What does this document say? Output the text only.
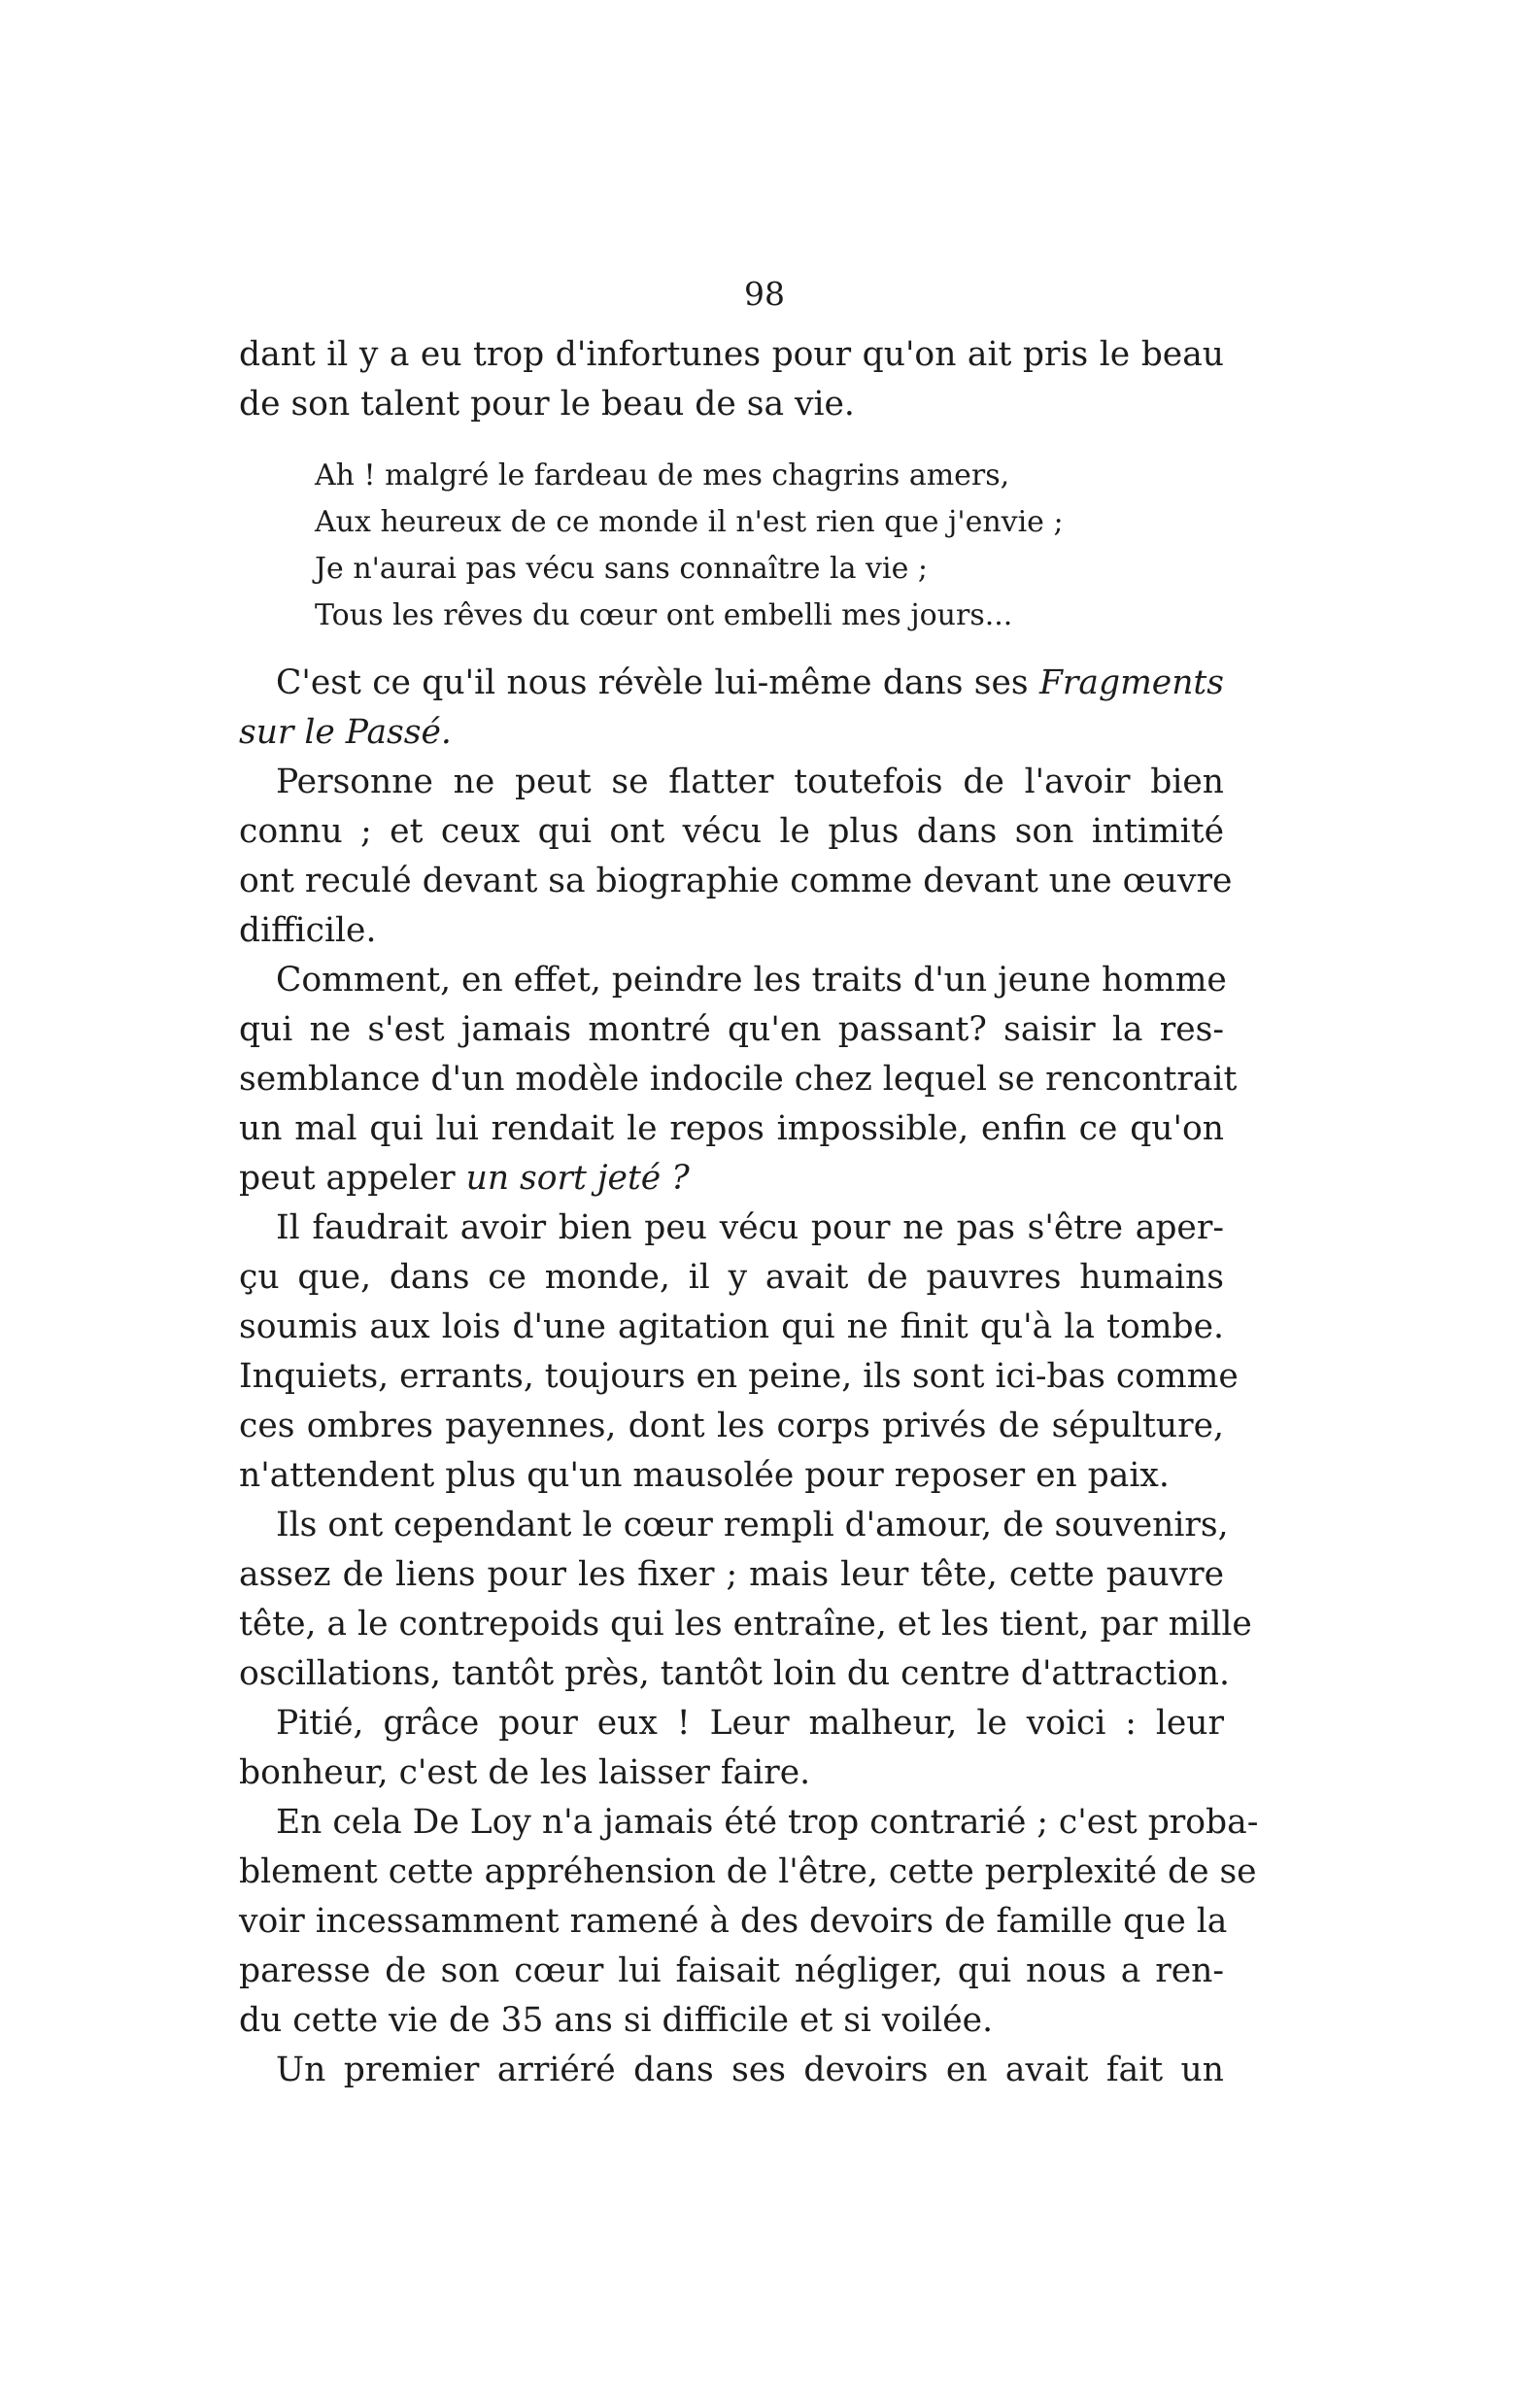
98
dant il y a eu trop d'infortunes pour qu'on ait pris le beau
de son talent pour le beau de sa vie.
Ah ! malgré le fardeau de mes chagrins amers,
Aux heureux de ce monde il n'est rien que j'envie ;
Je n'aurai pas vécu sans connaître la vie ;
Tous les rêves du cœur ont embelli mes jours...
C'est ce qu'il nous révèle lui-même dans ses Fragments
sur le Passé.
Personne ne peut se flatter toutefois de l'avoir bien
connu ; et ceux qui ont vécu le plus dans son intimité
ont reculé devant sa biographie comme devant une œuvre
difficile.
Comment, en effet, peindre les traits d'un jeune homme
qui ne s'est jamais montré qu'en passant? saisir la res-
semblance d'un modèle indocile chez lequel se rencontrait
un mal qui lui rendait le repos impossible, enfin ce qu'on
peut appeler un sort jeté ?
Il faudrait avoir bien peu vécu pour ne pas s'être aper-
çu que, dans ce monde, il y avait de pauvres humains
soumis aux lois d'une agitation qui ne finit qu'à la tombe.
Inquiets, errants, toujours en peine, ils sont ici-bas comme
ces ombres payennes, dont les corps privés de sépulture,
n'attendent plus qu'un mausolée pour reposer en paix.
Ils ont cependant le cœur rempli d'amour, de souvenirs,
assez de liens pour les fixer ; mais leur tête, cette pauvre
tête, a le contrepoids qui les entraîne, et les tient, par mille
oscillations, tantôt près, tantôt loin du centre d'attraction.
Pitié, grâce pour eux ! Leur malheur, le voici : leur
bonheur, c'est de les laisser faire.
En cela De Loy n'a jamais été trop contrarié ; c'est proba-
blement cette appréhension de l'être, cette perplexité de se
voir incessamment ramené à des devoirs de famille que la
paresse de son cœur lui faisait négliger, qui nous a ren-
du cette vie de 35 ans si difficile et si voilée.
Un premier arriéré dans ses devoirs en avait fait un
